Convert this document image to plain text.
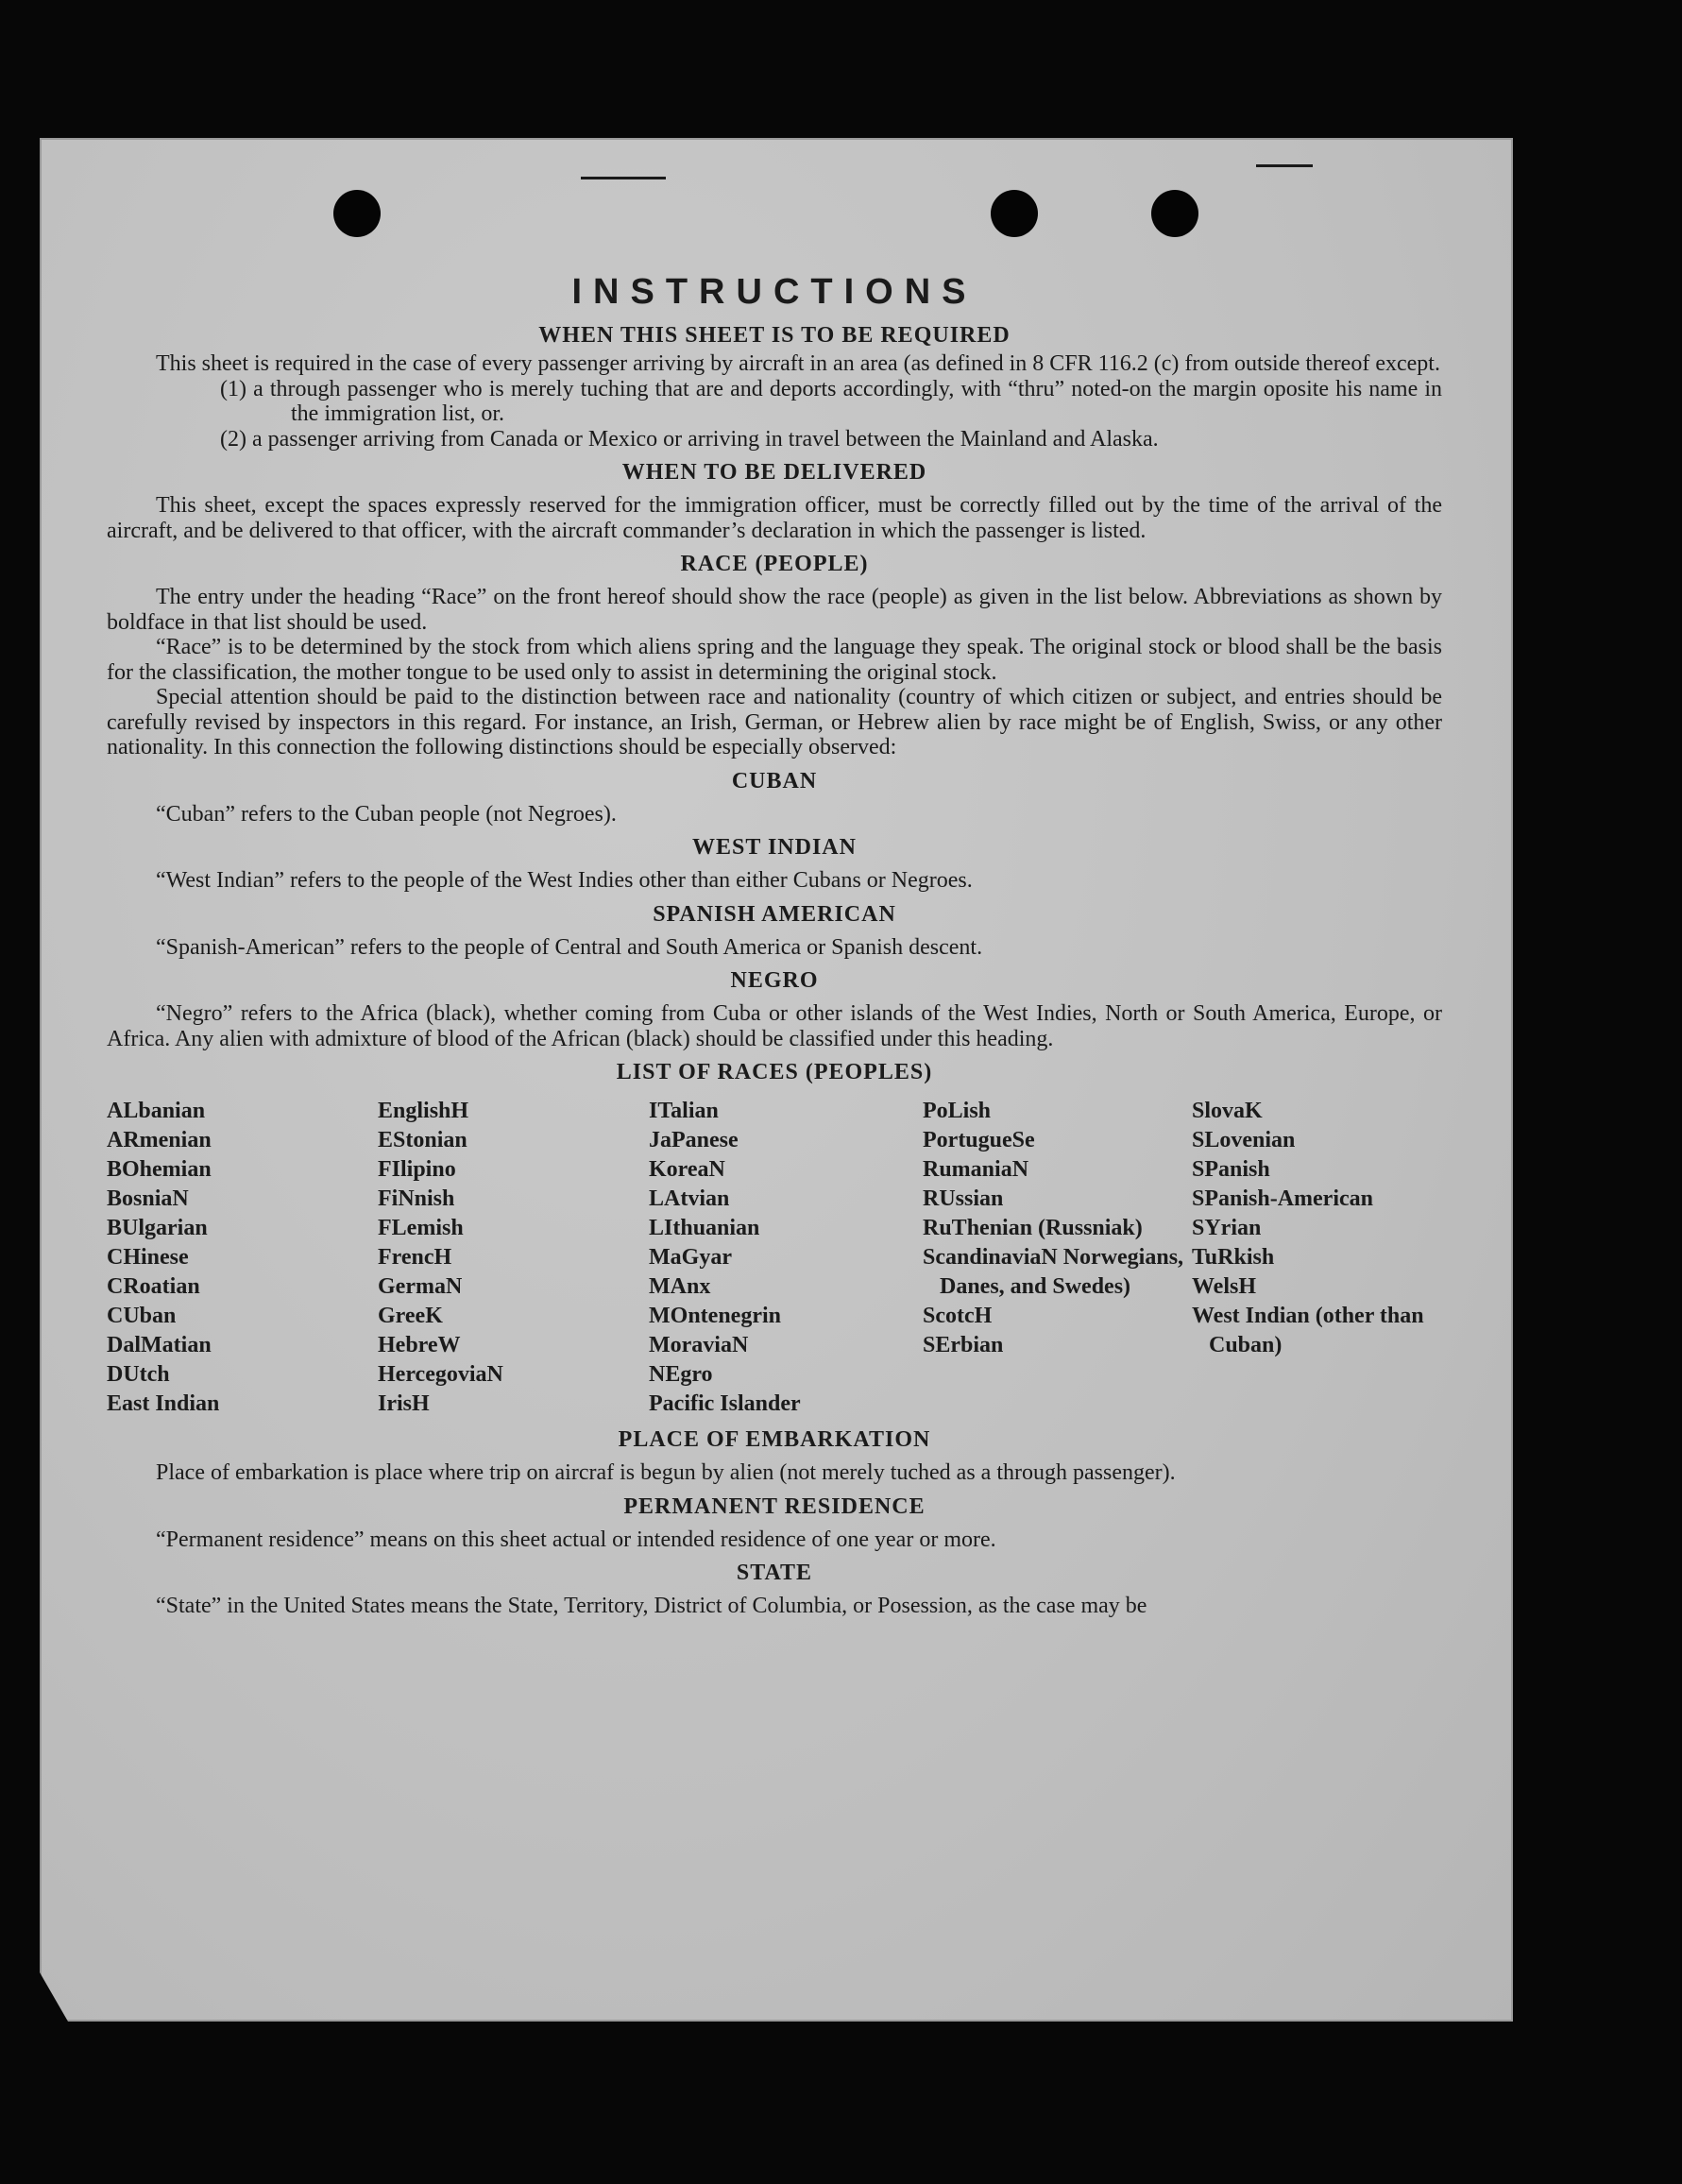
INSTRUCTIONS
WHEN THIS SHEET IS TO BE REQUIRED

This sheet is required in the case of every passenger arriving by aircraft in an area (as defined in 8 CFR 116.2 (c) from outside thereof except.

(1) a through passenger who is merely tuching that are and deports accordingly, with “thru” noted-on the margin oposite his name in the immigration list, or.

(2) a passenger arriving from Canada or Mexico or arriving in travel between the Mainland and Alaska.

WHEN TO BE DELIVERED

This sheet, except the spaces expressly reserved for the immigration officer, must be correctly filled out by the time of the arrival of the aircraft, and be delivered to that officer, with the aircraft commander’s declaration in which the passenger is listed.

RACE (PEOPLE)

The entry under the heading “Race” on the front hereof should show the race (people) as given in the list below. Abbreviations as shown by boldface in that list should be used.

“Race” is to be determined by the stock from which aliens spring and the language they speak. The original stock or blood shall be the basis for the classification, the mother tongue to be used only to assist in determining the original stock.

Special attention should be paid to the distinction between race and nationality (country of which citizen or subject, and entries should be carefully revised by inspectors in this regard. For instance, an Irish, German, or Hebrew alien by race might be of English, Swiss, or any other nationality. In this connection the following distinctions should be especially observed:

CUBAN

“Cuban” refers to the Cuban people (not Negroes).

WEST INDIAN

“West Indian” refers to the people of the West Indies other than either Cubans or Negroes.

SPANISH AMERICAN

“Spanish-American” refers to the people of Central and South America or Spanish descent.

NEGRO

“Negro” refers to the Africa (black), whether coming from Cuba or other islands of the West Indies, North or South America, Europe, or Africa. Any alien with admixture of blood of the African (black) should be classified under this heading.

LIST OF RACES (PEOPLES)
ALbanian
ARmenian
BOhemian
BosniaN
BUlgarian
CHinese
CRoatian
CUban
DalMatian
DUtch
East Indian
EnglishH
EStonian
FIlipino
FiNnish
FLemish
FrencH
GermaN
GreeK
HebreW
HercegoviaN
IrisH
ITalian
JaPanese
KoreaN
LAtvian
LIthuanian
MaGyar
MAnx
MOntenegrin
MoraviaN
NEgro
Pacific Islander
PoLish
PortugueSe
RumaniaN
RUssian
RuThenian (Russniak)
ScandinaviaN Norwegians, Danes, and Swedes)
ScotcH
SErbian
SlovaK
SLovenian
SPanish
SPanish-American
SYrian
TuRkish
WelsH
West Indian (other than Cuban)
PLACE OF EMBARKATION

Place of embarkation is place where trip on aircraf is begun by alien (not merely tuched as a through passenger).

PERMANENT RESIDENCE

“Permanent residence” means on this sheet actual or intended residence of one year or more.

STATE

“State” in the United States means the State, Territory, District of Columbia, or Posession, as the case may be
